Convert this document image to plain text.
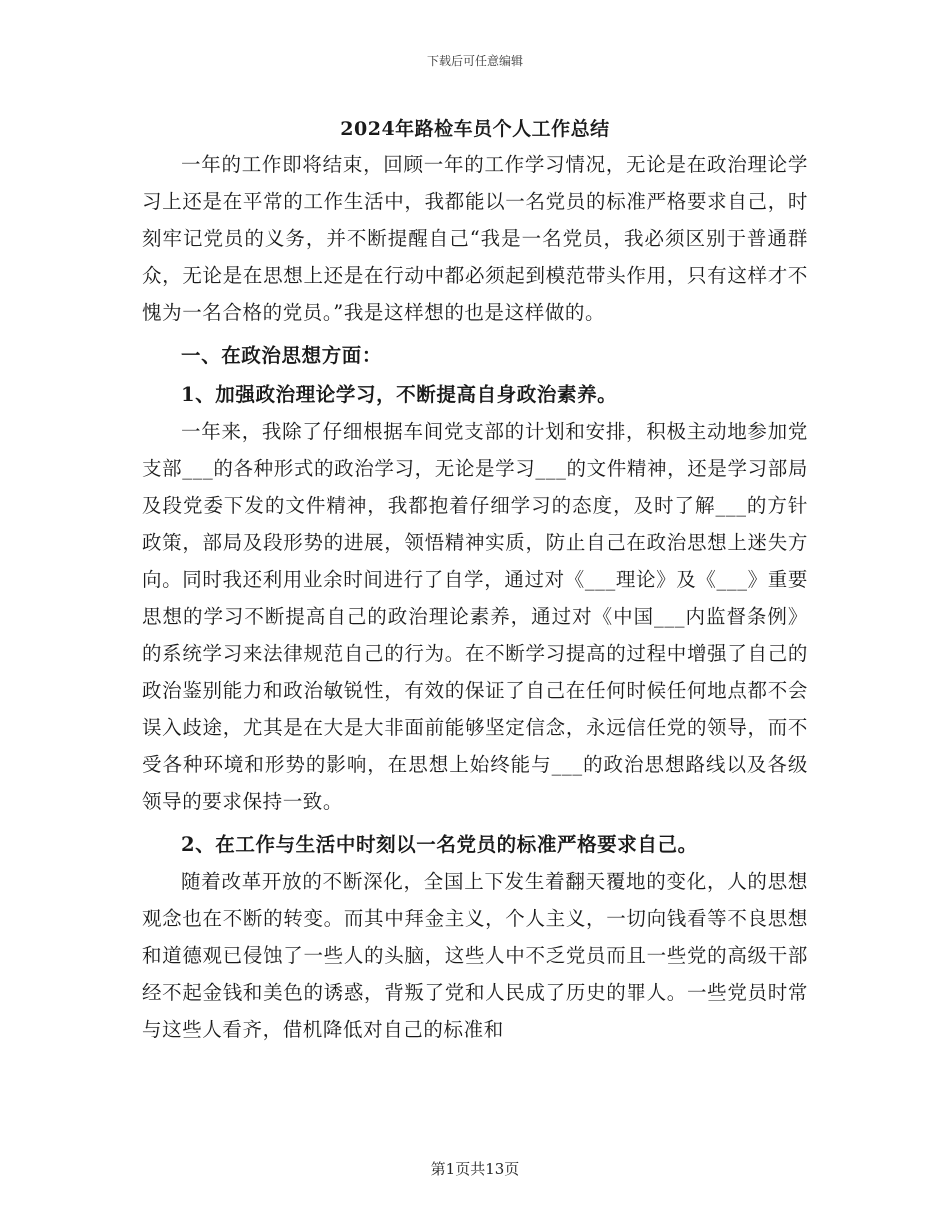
下载后可任意编辑
2024年路检车员个人工作总结

一年的工作即将结束，回顾一年的工作学习情况，无论是在政治理论学习上还是在平常的工作生活中，我都能以一名党员的标准严格要求自己，时刻牢记党员的义务，并不断提醒自己“我是一名党员，我必须区别于普通群众，无论是在思想上还是在行动中都必须起到模范带头作用，只有这样才不愧为一名合格的党员。”我是这样想的也是这样做的。

一、在政治思想方面：

1、加强政治理论学习，不断提高自身政治素养。

一年来，我除了仔细根据车间党支部的计划和安排，积极主动地参加党支部___的各种形式的政治学习，无论是学习___的文件精神，还是学习部局及段党委下发的文件精神，我都抱着仔细学习的态度，及时了解___的方针政策，部局及段形势的进展，领悟精神实质，防止自己在政治思想上迷失方向。同时我还利用业余时间进行了自学，通过对《___理论》及《___》重要思想的学习不断提高自己的政治理论素养，通过对《中国___内监督条例》的系统学习来法律规范自己的行为。在不断学习提高的过程中增强了自己的政治鉴别能力和政治敏锐性，有效的保证了自己在任何时候任何地点都不会误入歧途，尤其是在大是大非面前能够坚定信念，永远信任党的领导，而不受各种环境和形势的影响，在思想上始终能与___的政治思想路线以及各级领导的要求保持一致。

2、在工作与生活中时刻以一名党员的标准严格要求自己。

随着改革开放的不断深化，全国上下发生着翻天覆地的变化，人的思想观念也在不断的转变。而其中拜金主义，个人主义，一切向钱看等不良思想和道德观已侵蚀了一些人的头脑，这些人中不乏党员而且一些党的高级干部经不起金钱和美色的诱惑，背叛了党和人民成了历史的罪人。一些党员时常与这些人看齐，借机降低对自己的标准和

第1页共13页
